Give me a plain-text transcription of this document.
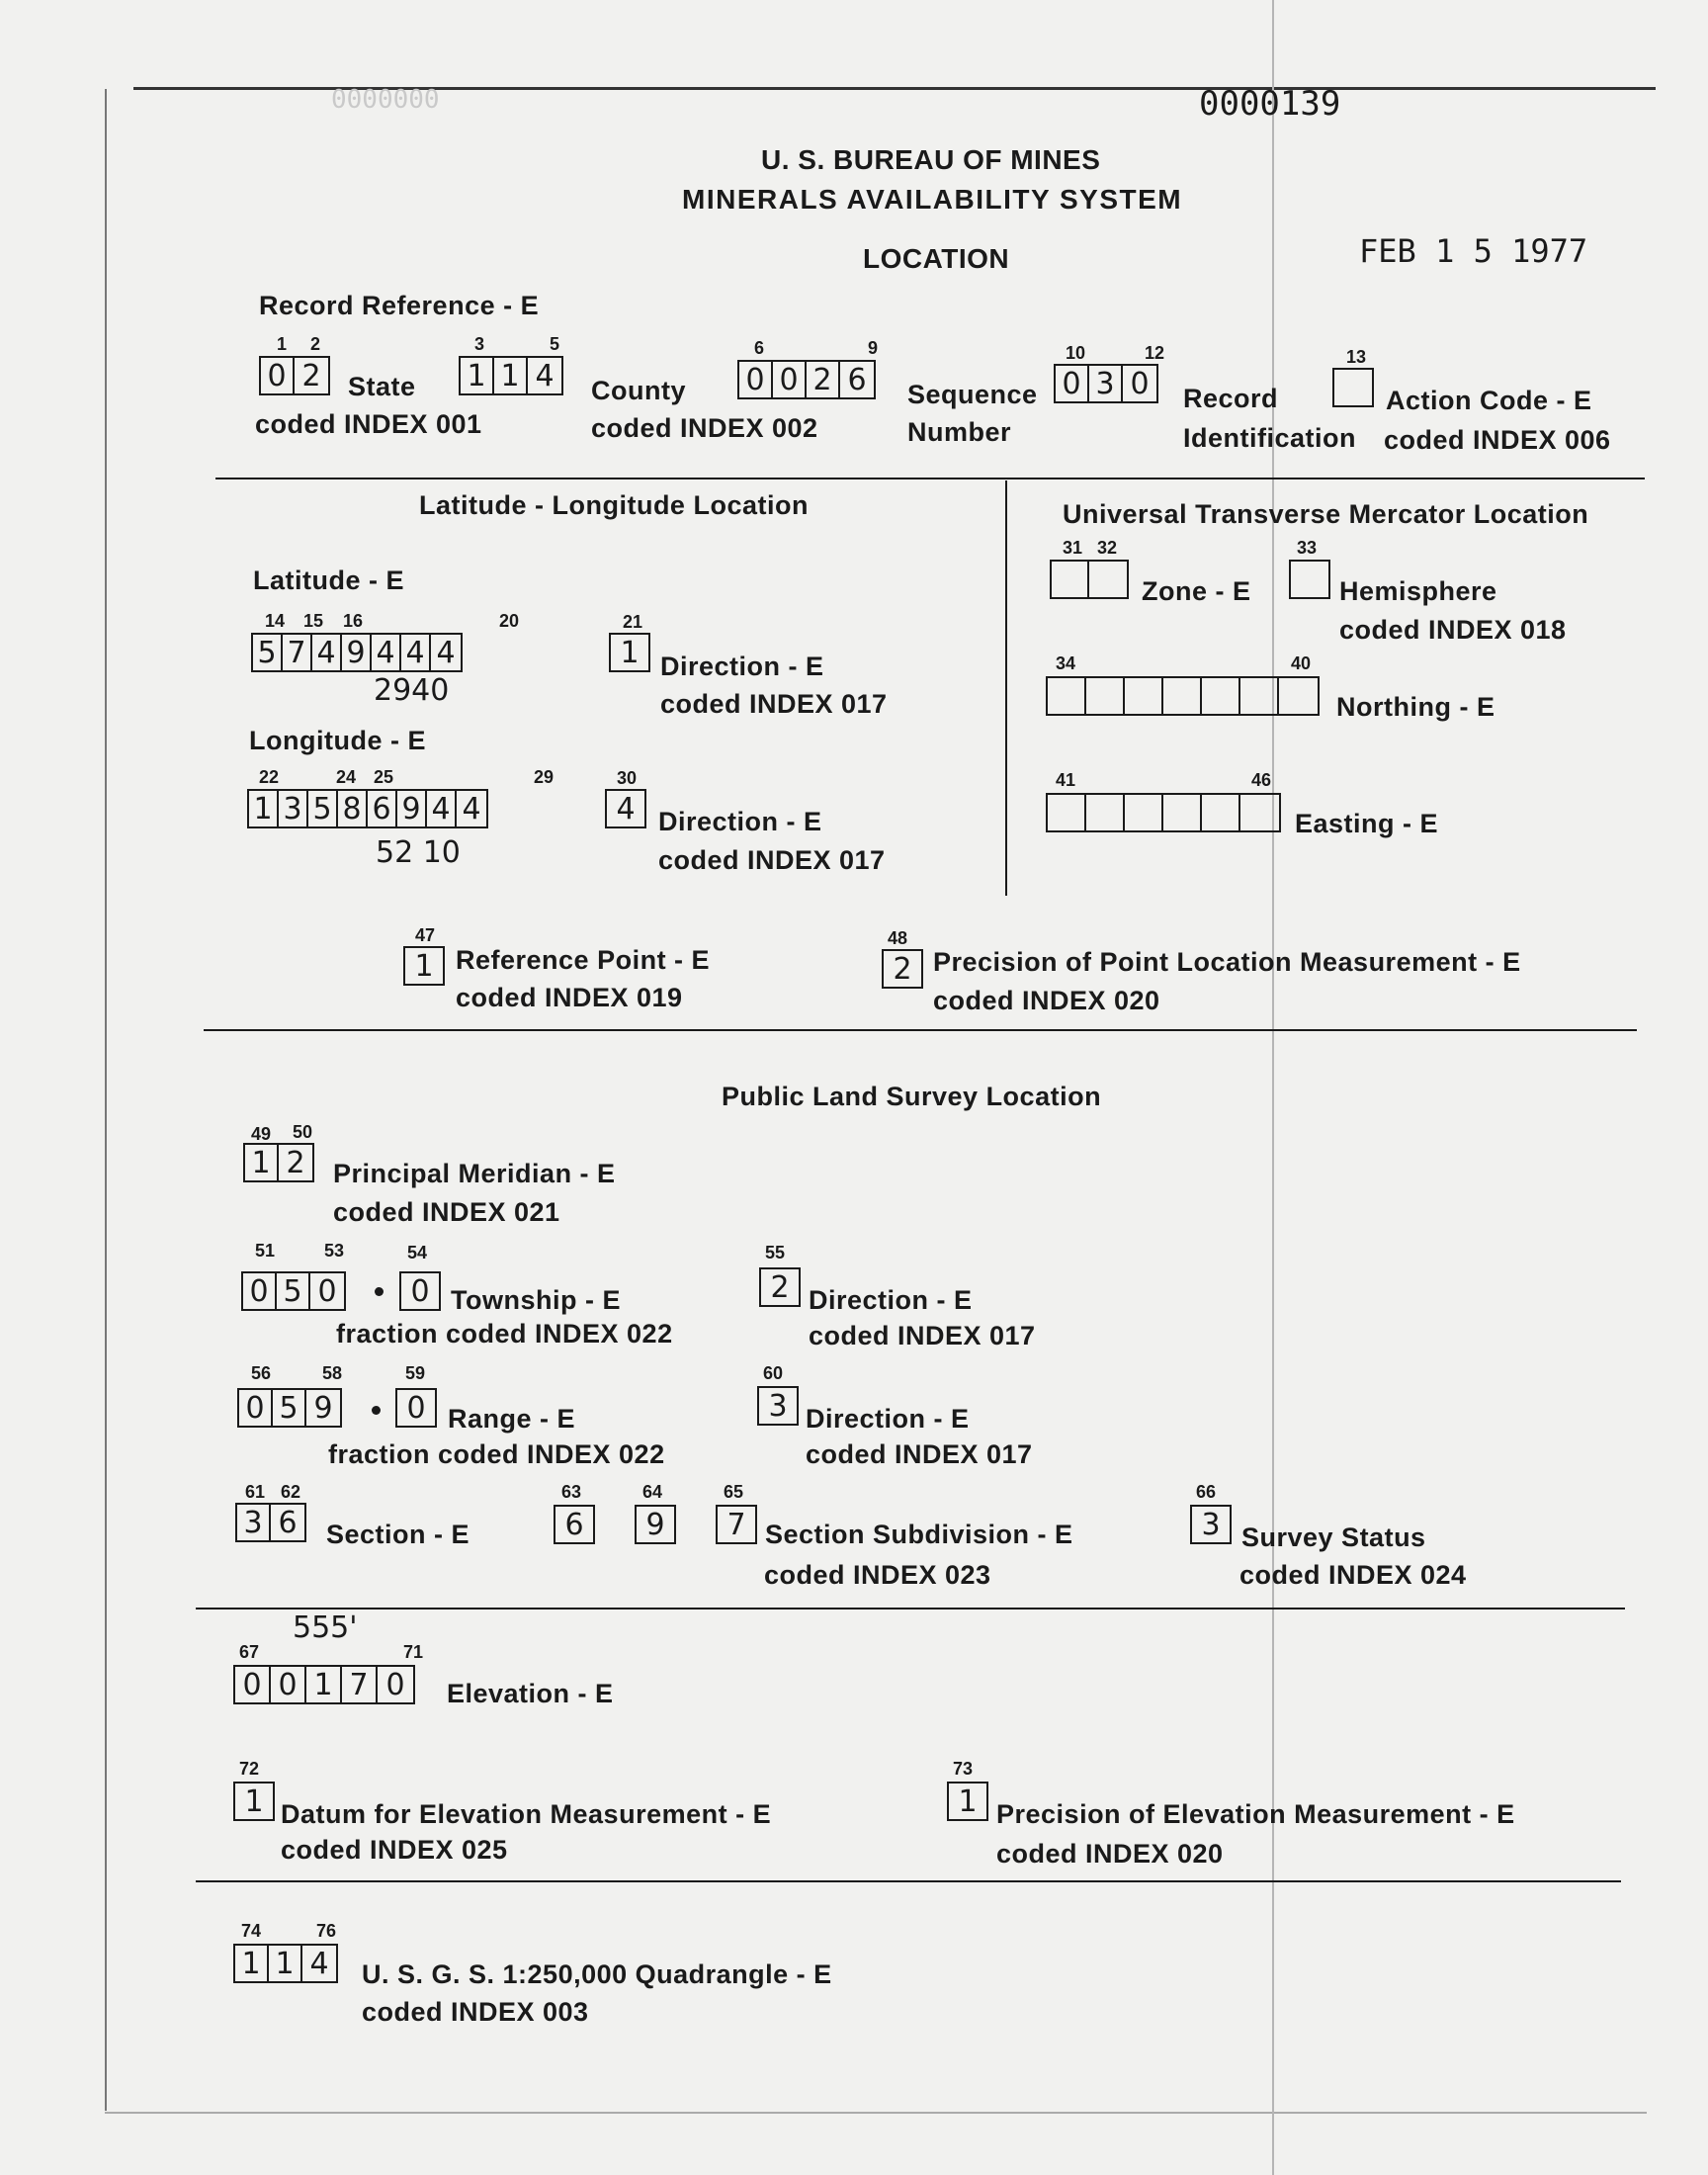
0000000	0000139
U. S. BUREAU OF MINES
MINERALS AVAILABILITY SYSTEM
LOCATION	FEB 1 5 1977
Record Reference - E
1 2
0 2 State
coded INDEX 001
3	5
1 1 4 County
coded INDEX 002
6	9
0 0 2 6 Sequence
Number
10	12
0 3 0 Record
Identification
13
Action Code - E
coded INDEX 006
Latitude - Longitude Location
Latitude - E
14 15 16	20
5 7 4 9 4 4 4
2940
21
1 Direction - E
coded INDEX 017
Longitude - E
22	24 25	29
1 3 5 8 6 9 4 4
52 10
30
4 Direction - E
coded INDEX 017
Universal Transverse Mercator Location
31 32
Zone - E
33
Hemisphere
coded INDEX 018
34	40
Northing - E
41	46
Easting - E
47
1 Reference Point - E
coded INDEX 019
48
2 Precision of Point Location Measurement - E
coded INDEX 020
Public Land Survey Location
49 50
1 2 Principal Meridian - E
coded INDEX 021
51	53
0 5 0
54
0 Township - E
fraction coded INDEX 022
55
2 Direction - E
coded INDEX 017
56	58
0 5 9
59
0 Range - E
fraction coded INDEX 022
60
3 Direction - E
coded INDEX 017
61 62
3 6 Section - E
63
6
64
9
65
7 Section Subdivision - E
coded INDEX 023
66
3 Survey Status
coded INDEX 024
555'
67	71
0 0 1 7 0	Elevation - E
72
1 Datum for Elevation Measurement - E
coded INDEX 025
73
1 Precision of Elevation Measurement - E
coded INDEX 020
74	76
1 1 4 U. S. G. S. 1:250,000 Quadrangle - E
coded INDEX 003
